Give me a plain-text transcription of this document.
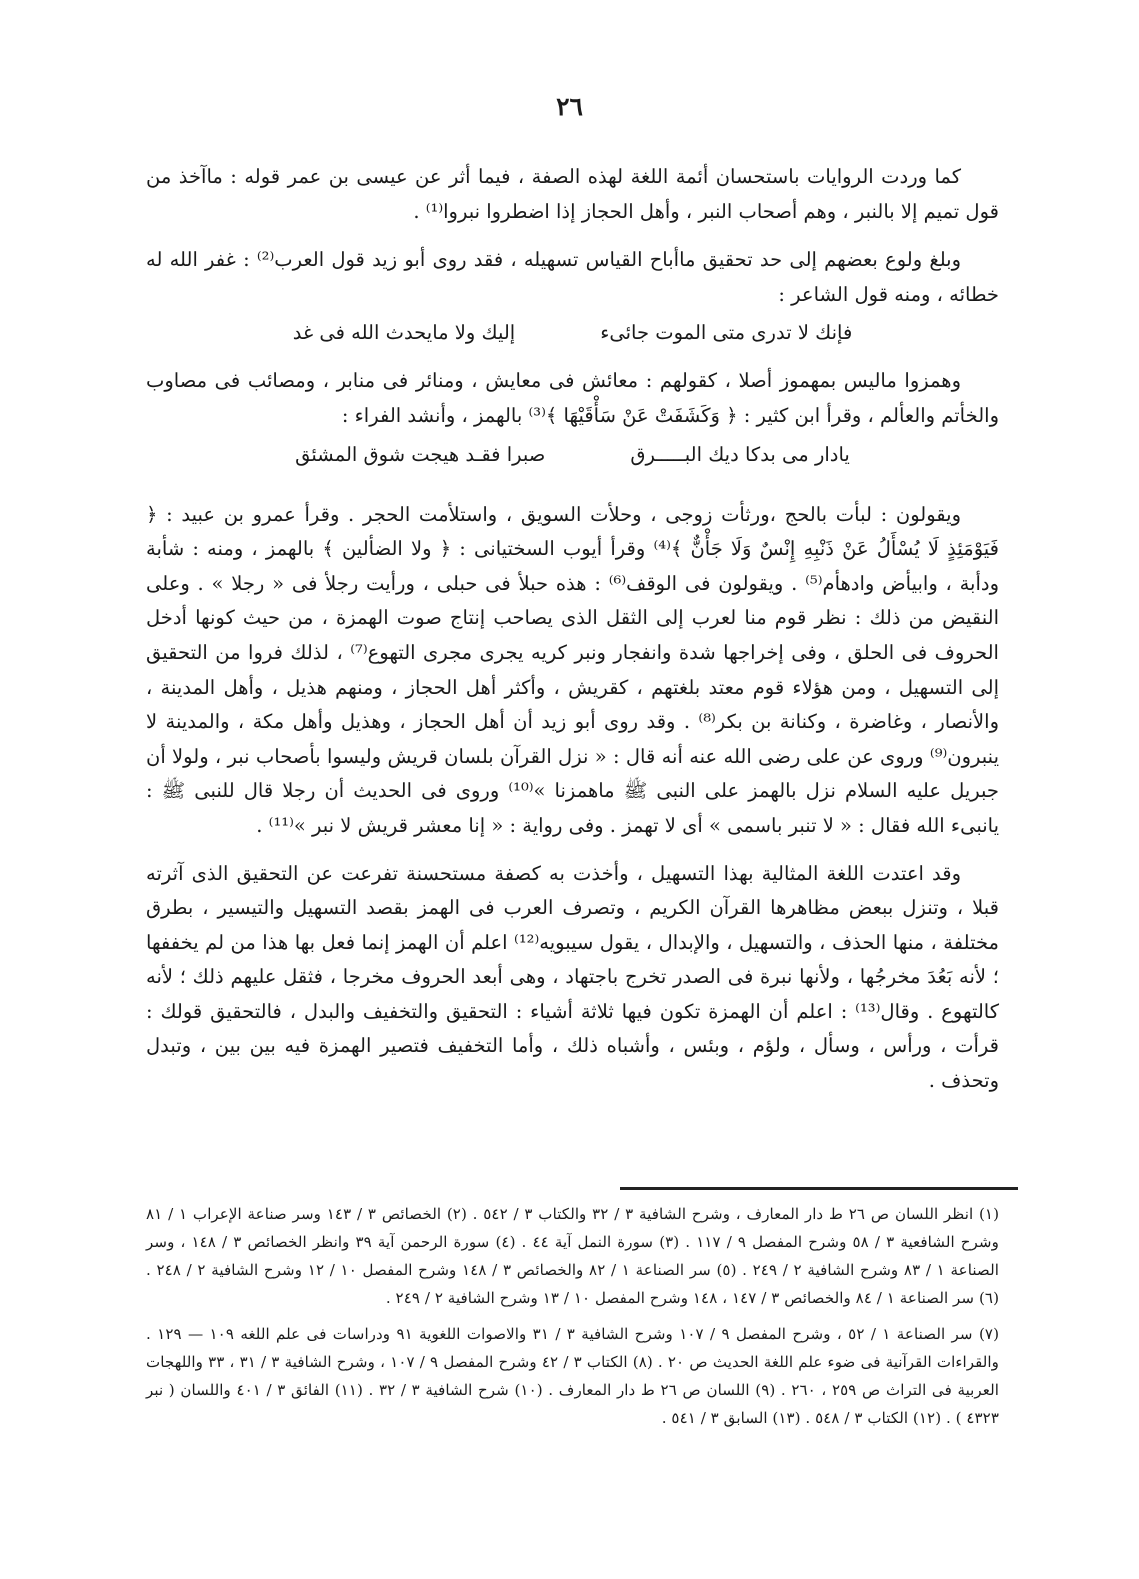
٢٦

كما وردت الروايات باستحسان أئمة اللغة لهذه الصفة ، فيما أثر عن عيسى بن عمر قوله : ماآخذ من قول تميم إلا بالنبر ، وهم أصحاب النبر ، وأهل الحجاز إذا اضطروا نبروا⁽¹⁾ .

وبلغ ولوع بعضهم إلى حد تحقيق ماأباح القياس تسهيله ، فقد روى أبو زيد قول العرب⁽²⁾ : غفر الله له خطائه ، ومنه قول الشاعر :

فإنك لا تدرى متى الموت جائىء
إليك ولا مايحدث الله فى غد

وهمزوا ماليس بمهموز أصلا ، كقولهم : معائش فى معايش ، ومنائر فى منابر ، ومصائب فى مصاوب والخأتم والعألم ، وقرأ ابن كثير : ﴿ وَكَشَفَتْ عَنْ سَأْقَيْهَا ﴾⁽³⁾ بالهمز ، وأنشد الفراء :

يادار مى بدكا ديك البـــــرق
صبرا فقـد هيجت شوق المشئق

ويقولون : لبأت بالحج ،ورثأت زوجى ، وحلأت السويق ، واستلأمت الحجر . وقرأ عمرو بن عبيد : ﴿ فَيَوْمَئِذٍ لَا يُسْأَلُ عَنْ ذَنْبِهِ إِنْسٌ وَلَا جَأْنٌّ ﴾⁽⁴⁾ وقرأ أيوب السختيانى : ﴿ ولا الضألين ﴾ بالهمز ، ومنه : شأبة ودأبة ، وابيأض وادهأم⁽⁵⁾ . ويقولون فى الوقف⁽⁶⁾ : هذه حبلأ فى حبلى ، ورأيت رجلأ فى « رجلا » . وعلى النقيض من ذلك : نظر قوم منا لعرب إلى الثقل الذى يصاحب إنتاج صوت الهمزة ، من حيث كونها أدخل الحروف فى الحلق ، وفى إخراجها شدة وانفجار ونبر كريه يجرى مجرى التهوع⁽⁷⁾ ، لذلك فروا من التحقيق إلى التسهيل ، ومن هؤلاء قوم معتد بلغتهم ، كقريش ، وأكثر أهل الحجاز ، ومنهم هذيل ، وأهل المدينة ، والأنصار ، وغاضرة ، وكنانة بن بكر⁽⁸⁾ . وقد روى أبو زيد أن أهل الحجاز ، وهذيل وأهل مكة ، والمدينة لا ينبرون⁽⁹⁾ وروى عن على رضى الله عنه أنه قال : « نزل القرآن بلسان قريش وليسوا بأصحاب نبر ، ولولا أن جبريل عليه السلام نزل بالهمز على النبى ﷺ ماهمزنا »⁽¹⁰⁾ وروى فى الحديث أن رجلا قال للنبى ﷺ : يانبىء الله فقال : « لا تنبر باسمى » أى لا تهمز . وفى رواية : « إنا معشر قريش لا نبر »⁽¹¹⁾ .

وقد اعتدت اللغة المثالية بهذا التسهيل ، وأخذت به كصفة مستحسنة تفرعت عن التحقيق الذى آثرته قبلا ، وتنزل ببعض مظاهرها القرآن الكريم ، وتصرف العرب فى الهمز بقصد التسهيل والتيسير ، بطرق مختلفة ، منها الحذف ، والتسهيل ، والإبدال ، يقول سيبويه⁽¹²⁾ اعلم أن الهمز إنما فعل بها هذا من لم يخففها ؛ لأنه بَعُدَ مخرجُها ، ولأنها نبرة فى الصدر تخرج باجتهاد ، وهى أبعد الحروف مخرجا ، فثقل عليهم ذلك ؛ لأنه كالتهوع . وقال⁽¹³⁾ : اعلم أن الهمزة تكون فيها ثلاثة أشياء : التحقيق والتخفيف والبدل ، فالتحقيق قولك : قرأت ، ورأس ، وسأل ، ولؤم ، وبئس ، وأشباه ذلك ، وأما التخفيف فتصير الهمزة فيه بين بين ، وتبدل وتحذف .

(١) انظر اللسان ص ٢٦ ط دار المعارف ، وشرح الشافية ٣ / ٣٢ والكتاب ٣ / ٥٤٢ . (٢) الخصائص ٣ / ١٤٣ وسر صناعة الإعراب ١ / ٨١ وشرح الشافعية ٣ / ٥٨ وشرح المفصل ٩ / ١١٧ . (٣) سورة النمل آية ٤٤ . (٤) سورة الرحمن آية ٣٩ وانظر الخصائص ٣ / ١٤٨ ، وسر الصناعة ١ / ٨٣ وشرح الشافية ٢ / ٢٤٩ . (٥) سر الصناعة ١ / ٨٢ والخصائص ٣ / ١٤٨ وشرح المفصل ١٠ / ١٢ وشرح الشافية ٢ / ٢٤٨ . (٦) سر الصناعة ١ / ٨٤ والخصائص ٣ / ١٤٧ ، ١٤٨ وشرح المفصل ١٠ / ١٣ وشرح الشافية ٢ / ٢٤٩ .

(٧) سر الصناعة ١ / ٥٢ ، وشرح المفصل ٩ / ١٠٧ وشرح الشافية ٣ / ٣١ والاصوات اللغوية ٩١ ودراسات فى علم اللغه ١٠٩ — ١٢٩ . والقراءات القرآنية فى ضوء علم اللغة الحديث ص ٢٠ . (٨) الكتاب ٣ / ٤٢ وشرح المفصل ٩ / ١٠٧ ، وشرح الشافية ٣ / ٣١ ، ٣٣ واللهجات العربية فى التراث ص ٢٥٩ ، ٢٦٠ . (٩) اللسان ص ٢٦ ط دار المعارف . (١٠) شرح الشافية ٣ / ٣٢ . (١١) الفائق ٣ / ٤٠١ واللسان ( نبر ٤٣٢٣ ) . (١٢) الكتاب ٣ / ٥٤٨ . (١٣) السابق ٣ / ٥٤١ .
